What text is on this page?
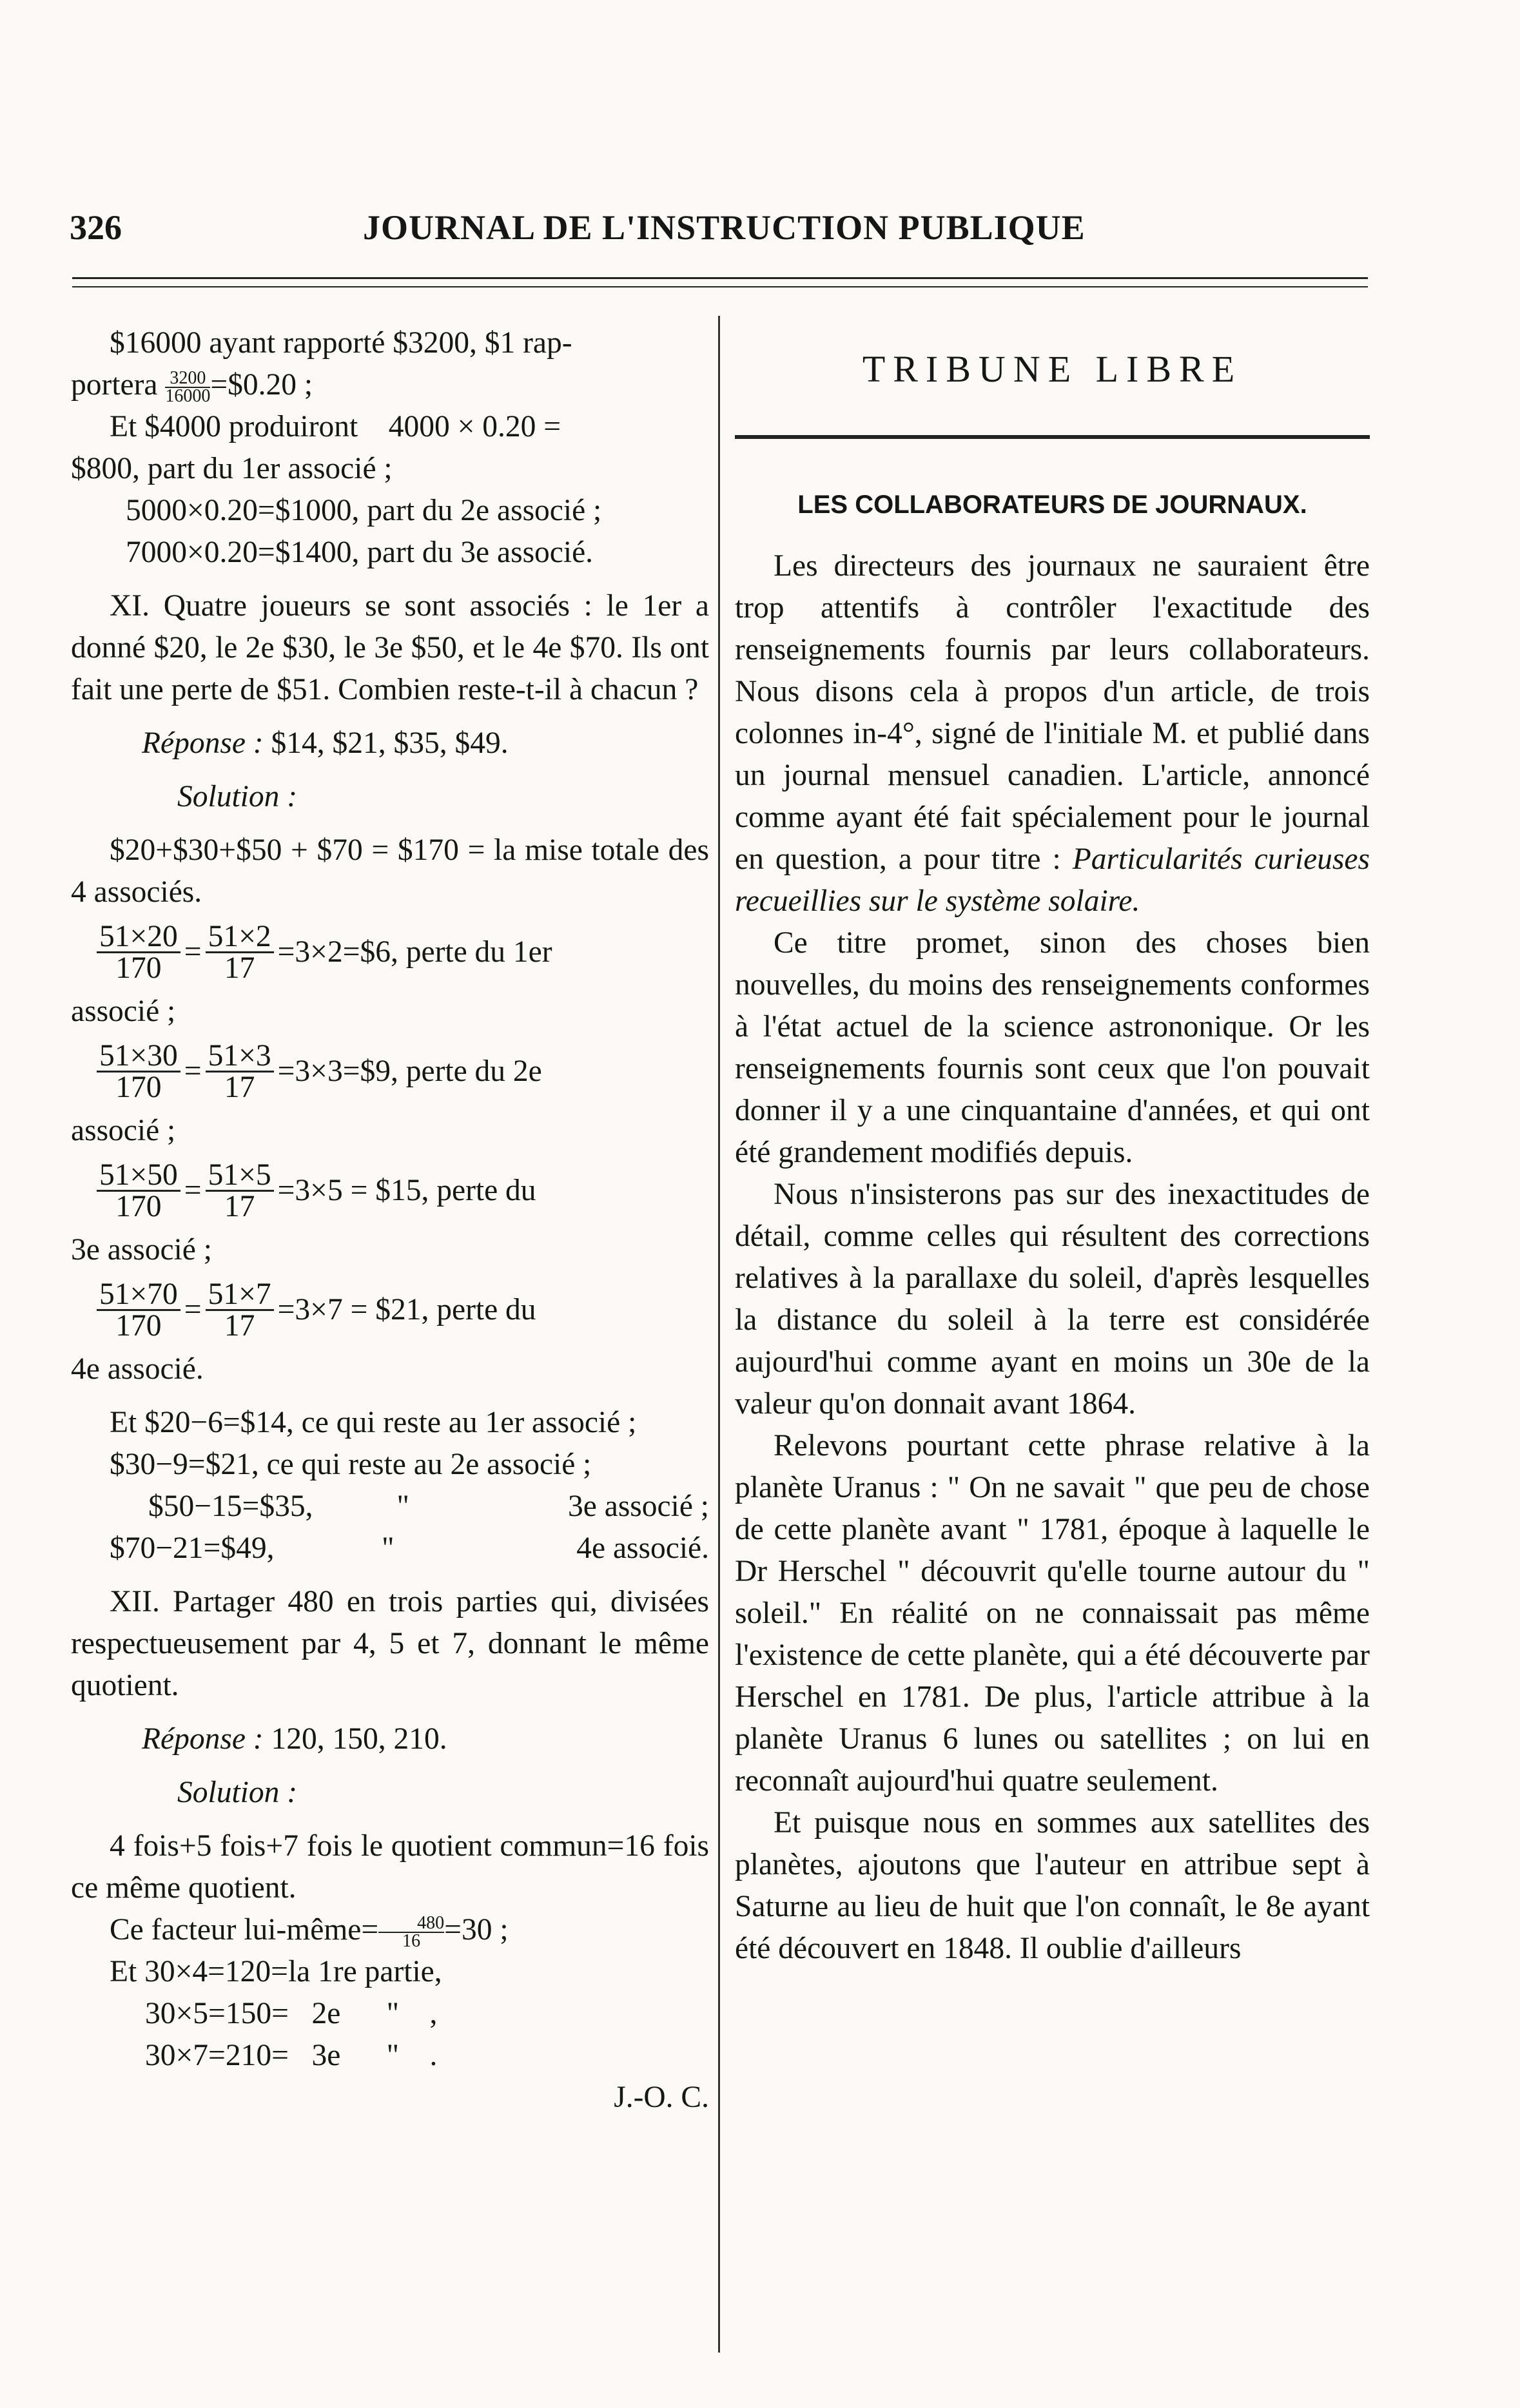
326	JOURNAL DE L'INSTRUCTION PUBLIQUE

$16000 ayant rapporté $3200, $1 rap-

portera $\frac{3200}{16000}=\$0.20$ ;

Et $4000 produiront    4000 × 0.20 =

$800, part du 1er associé ;

5000×0.20=$1000, part du 2e associé ;

7000×0.20=$1400, part du 3e associé.

XI. Quatre joueurs se sont associés : le 1er a donné $20, le 2e $30, le 3e $50, et le 4e $70. Ils ont fait une perte de $51. Combien reste-t-il à chacun ?

Réponse : $14, $21, $35, $49.

Solution :

$20+$30+$50 + $70 = $170 = la mise totale des 4 associés.

$\frac{51\times 20}{170} = \frac{51\times 2}{17}$ =3×2=$6, perte du 1er

associé ;

$\frac{51\times 30}{170} = \frac{51\times 3}{17}$ =3×3=$9, perte du 2e

associé ;

$\frac{51\times 50}{170} = \frac{51\times 5}{17} =3\times 5$ = $15, perte du

3e associé ;

$\frac{51\times 70}{170} = \frac{51\times 7}{17} =3\times 7$ = $21, perte du

4e associé.

Et $20−6=$14, ce qui reste au 1er associé ;

$30−9=$21, ce qui reste au 2e associé ;

$50−15=$35,	"	3e associé ;
$70−21=$49,	"	4e associé.

XII. Partager 480 en trois parties qui, divisées respectueusement par 4, 5 et 7, donnant le même quotient.

Réponse : 120, 150, 210.

Solution :

4 fois+5 fois+7 fois le quotient commun=16 fois ce même quotient.

Ce facteur lui-même= $\frac{480}{16}=30$ ;

Et 30×4=120=la 1re partie,

30×5=150=   2e      "    ,

30×7=210=   3e      "    .

J.-O. C.

TRIBUNE LIBRE
LES COLLABORATEURS DE JOURNAUX.

Les directeurs des journaux ne sauraient être trop attentifs à contrôler l'exactitude des renseignements fournis par leurs collaborateurs. Nous disons cela à propos d'un article, de trois colonnes in-4°, signé de l'initiale M. et publié dans un journal mensuel canadien. L'article, annoncé comme ayant été fait spécialement pour le journal en question, a pour titre : Particularités curieuses recueillies sur le système solaire.

Ce titre promet, sinon des choses bien nouvelles, du moins des renseignements conformes à l'état actuel de la science astrononique. Or les renseignements fournis sont ceux que l'on pouvait donner il y a une cinquantaine d'années, et qui ont été grandement modifiés depuis.

Nous n'insisterons pas sur des inexactitudes de détail, comme celles qui résultent des corrections relatives à la parallaxe du soleil, d'après lesquelles la distance du soleil à la terre est considérée aujourd'hui comme ayant en moins un 30e de la valeur qu'on donnait avant 1864.

Relevons pourtant cette phrase relative à la planète Uranus : " On ne savait " que peu de chose de cette planète avant " 1781, époque à laquelle le Dr Herschel " découvrit qu'elle tourne autour du " soleil." En réalité on ne connaissait pas même l'existence de cette planète, qui a été découverte par Herschel en 1781. De plus, l'article attribue à la planète Uranus 6 lunes ou satellites ; on lui en reconnaît aujourd'hui quatre seulement.

Et puisque nous en sommes aux satellites des planètes, ajoutons que l'auteur en attribue sept à Saturne au lieu de huit que l'on connaît, le 8e ayant été découvert en 1848. Il oublie d'ailleurs
